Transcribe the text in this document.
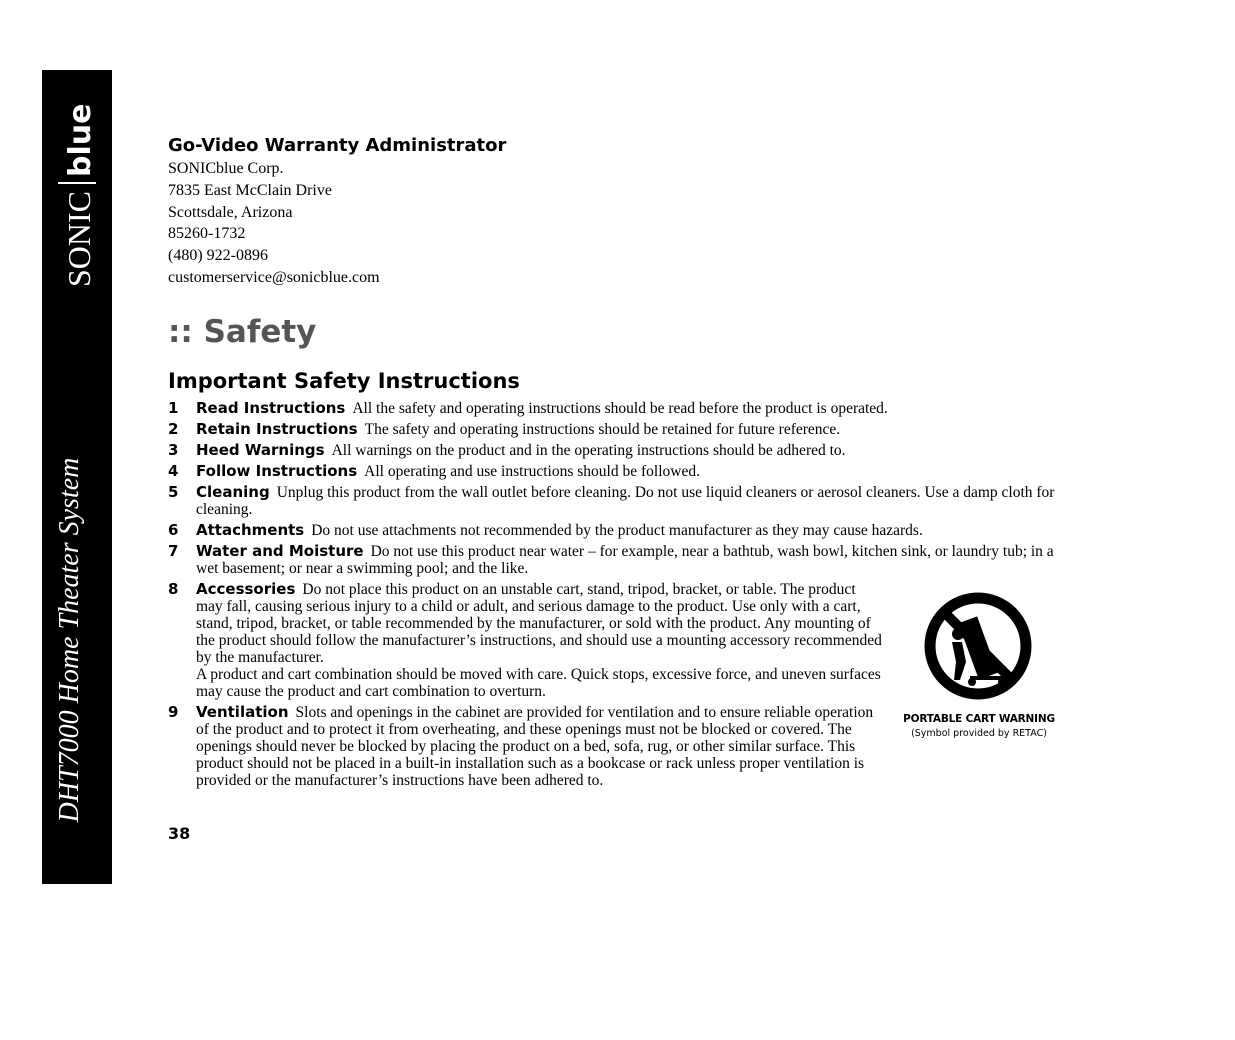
SONIC
blue
DHT7000 Home Theater System
Go-Video Warranty Administrator
SONICblue Corp.
7835 East McClain Drive
Scottsdale, Arizona
85260-1732
(480) 922-0896
customerservice@sonicblue.com
:: Safety
Important Safety Instructions
1	Read Instructions All the safety and operating instructions should be read before the product is operated.
2	Retain Instructions The safety and operating instructions should be retained for future reference.
3	Heed Warnings All warnings on the product and in the operating instructions should be adhered to.
4	Follow Instructions All operating and use instructions should be followed.
5	Cleaning Unplug this product from the wall outlet before cleaning. Do not use liquid cleaners or aerosol cleaners. Use a damp cloth for cleaning.
6	Attachments Do not use attachments not recommended by the product manufacturer as they may cause hazards.
7	Water and Moisture Do not use this product near water – for example, near a bathtub, wash bowl, kitchen sink, or laundry tub; in a wet basement; or near a swimming pool; and the like.
8	Accessories Do not place this product on an unstable cart, stand, tripod, bracket, or table. The product may fall, causing serious injury to a child or adult, and serious damage to the product. Use only with a cart, stand, tripod, bracket, or table recommended by the manufacturer, or sold with the product. Any mounting of the product should follow the manufacturer’s instructions, and should use a mounting accessory recommended by the manufacturer.
A product and cart combination should be moved with care. Quick stops, excessive force, and uneven surfaces may cause the product and cart combination to overturn.
9	Ventilation Slots and openings in the cabinet are provided for ventilation and to ensure reliable operation of the product and to protect it from overheating, and these openings must not be blocked or covered. The openings should never be blocked by placing the product on a bed, sofa, rug, or other similar surface. This product should not be placed in a built-in installation such as a bookcase or rack unless proper ventilation is provided or the manufacturer’s instructions have been adhered to.
PORTABLE CART WARNING
(Symbol provided by RETAC)
38
